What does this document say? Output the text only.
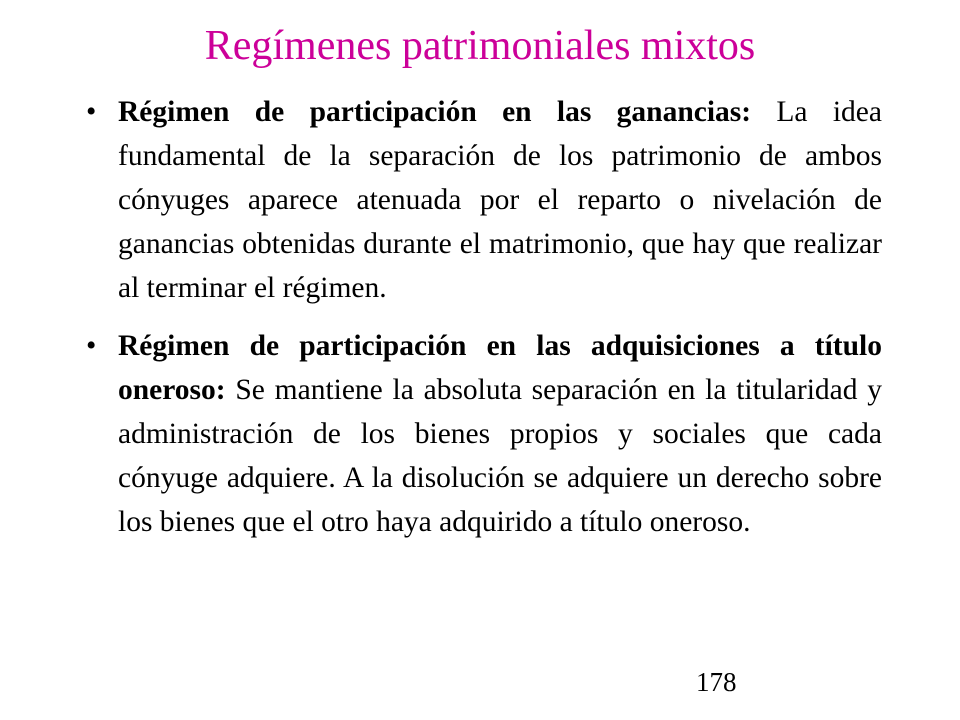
Regímenes patrimoniales mixtos
• Régimen de participación en las ganancias: La idea fundamental de la separación de los patrimonio de ambos cónyuges aparece atenuada por el reparto o nivelación de ganancias obtenidas durante el matrimonio, que hay que realizar al terminar el régimen.
• Régimen de participación en las adquisiciones a título oneroso: Se mantiene la absoluta separación en la titularidad y administración de los bienes propios y sociales que cada cónyuge adquiere. A la disolución se adquiere un derecho sobre los bienes que el otro haya adquirido a título oneroso.
178
